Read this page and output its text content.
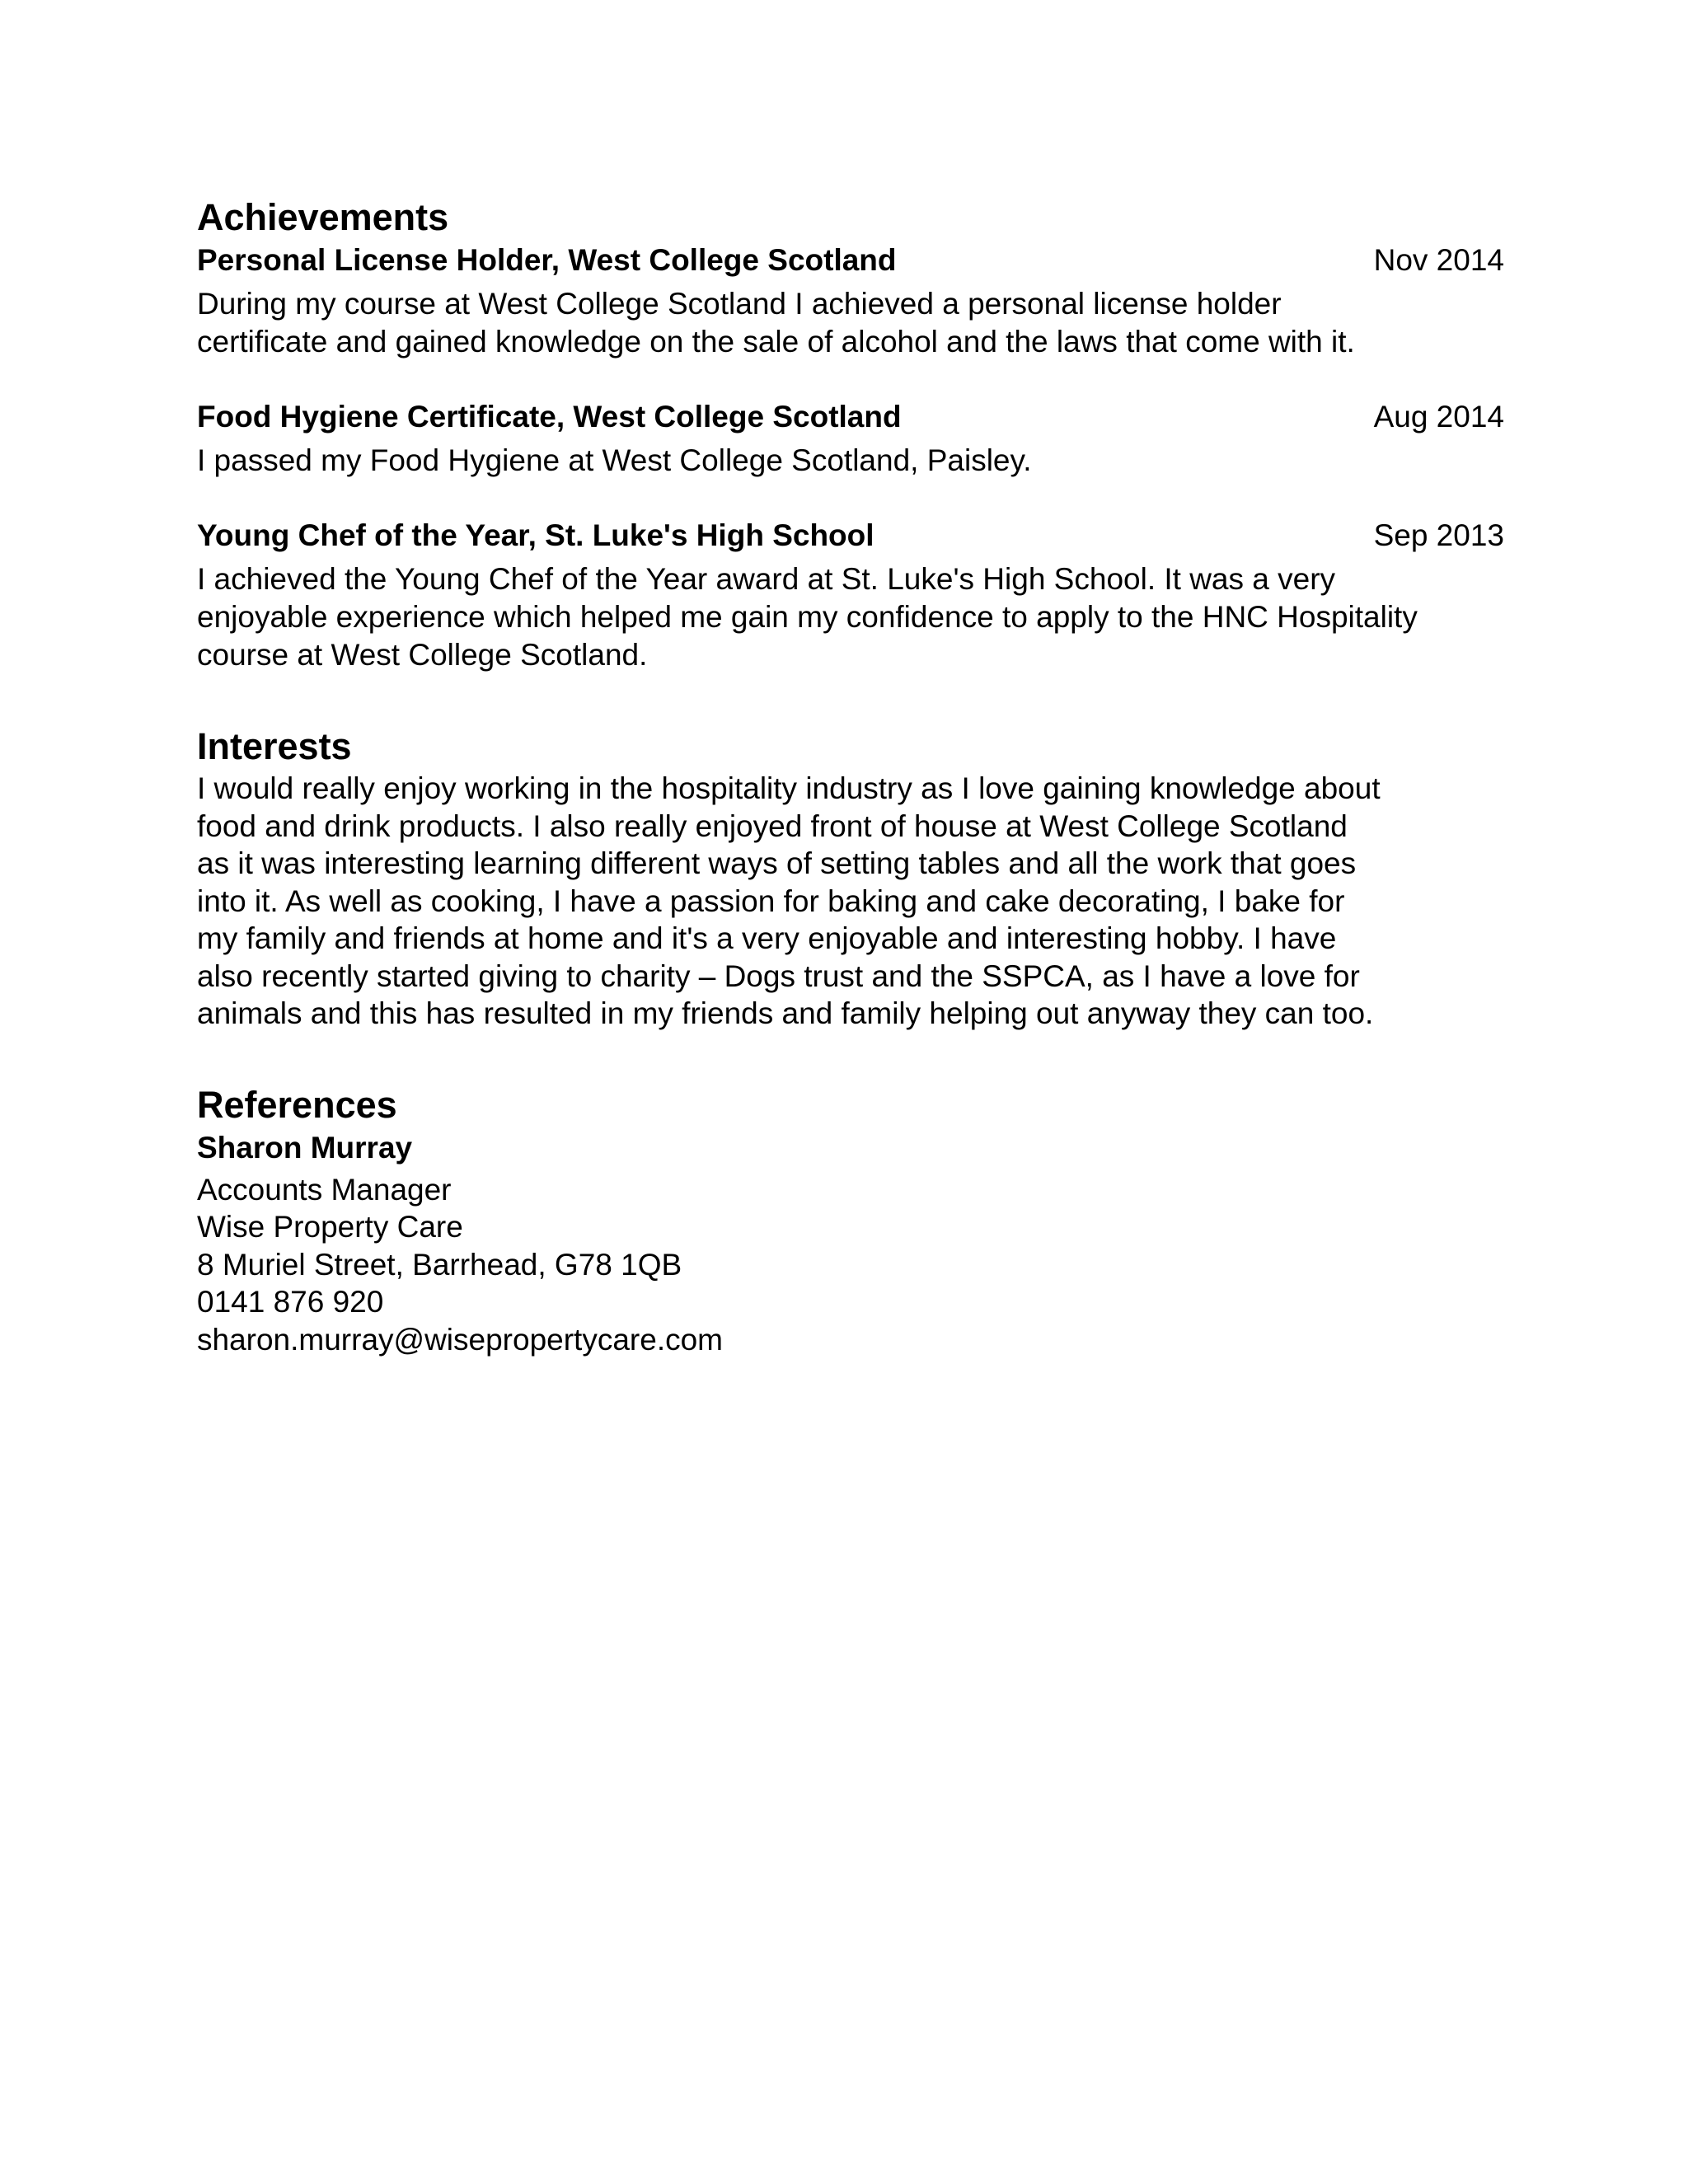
Achievements
Personal License Holder, West College Scotland	Nov 2014

During my course at West College Scotland I achieved a personal license holder
certificate and gained knowledge on the sale of alcohol and the laws that come with it.

Food Hygiene Certificate, West College Scotland	Aug 2014

I passed my Food Hygiene at West College Scotland, Paisley.

Young Chef of the Year, St. Luke's High School	Sep 2013

I achieved the Young Chef of the Year award at St. Luke's High School. It was a very
enjoyable experience which helped me gain my confidence to apply to the HNC Hospitality
course at West College Scotland.

Interests

I would really enjoy working in the hospitality industry as I love gaining knowledge about
food and drink products. I also really enjoyed front of house at West College Scotland
as it was interesting learning different ways of setting tables and all the work that goes
into it. As well as cooking, I have a passion for baking and cake decorating, I bake for
my family and friends at home and it's a very enjoyable and interesting hobby. I have
also recently started giving to charity – Dogs trust and the SSPCA, as I have a love for
animals and this has resulted in my friends and family helping out anyway they can too.

References

Sharon Murray

Accounts Manager

Wise Property Care

8 Muriel Street, Barrhead, G78 1QB

0141 876 920

sharon.murray@wisepropertycare.com
